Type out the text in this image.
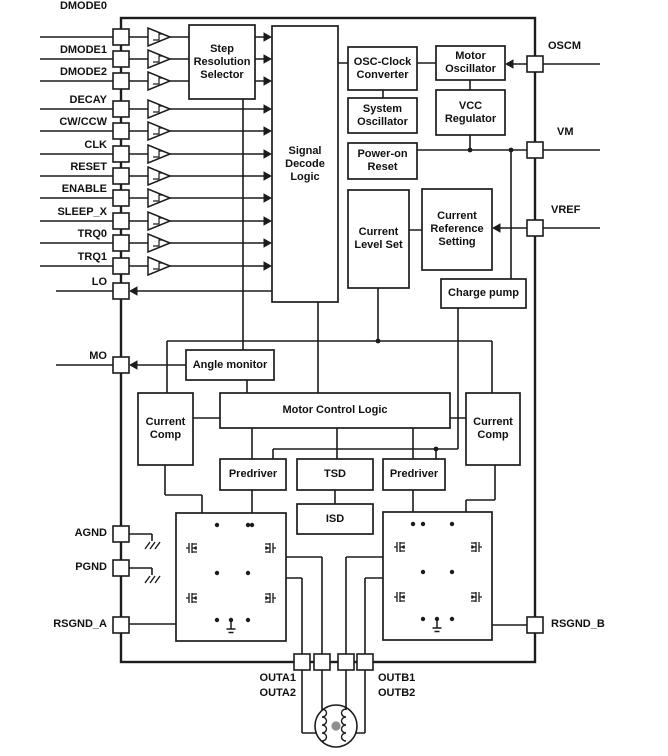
DMODE0
DMODE1
DMODE2
DECAY
CW/CCW
CLK
RESET
ENABLE
SLEEP_X
TRQ0
TRQ1
LO
MO
AGND
PGND
RSGND_A
OSCM
VM
VREF
RSGND_B
OUTA1
OUTA2
OUTB1
OUTB2
Step Resolution Selector
Signal Decode Logic
OSC-Clock Converter
Motor Oscillator
System Oscillator
VCC Regulator
Power-on Reset
Current Level Set
Current Reference Setting
Charge pump
Angle monitor
Motor Control Logic
Current Comp
Current Comp
Predriver	TSD	Predriver
ISD
